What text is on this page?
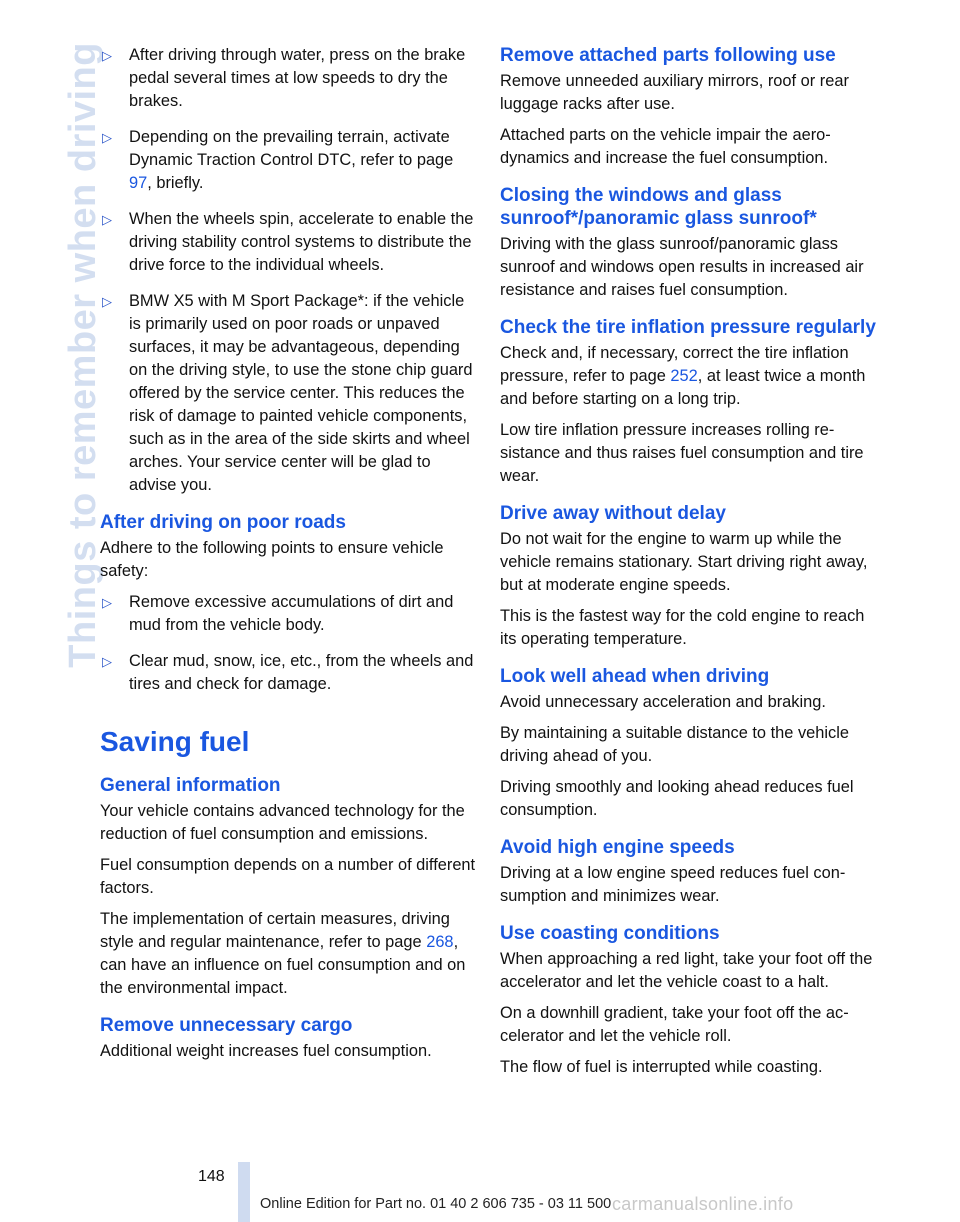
Things to remember when driving
▷ After driving through water, press on the brake pedal several times at low speeds to dry the brakes.
▷ Depending on the prevailing terrain, activate Dynamic Traction Control DTC, refer to page 97, briefly.
▷ When the wheels spin, accelerate to enable the driving stability control systems to distribute the drive force to the individual wheels.
▷ BMW X5 with M Sport Package*: if the vehicle is primarily used on poor roads or unpaved surfaces, it may be advantageous, depending on the driving style, to use the stone chip guard offered by the service center. This reduces the risk of damage to painted vehicle components, such as in the area of the side skirts and wheel arches. Your service center will be glad to advise you.
After driving on poor roads

Adhere to the following points to ensure vehicle safety:

▷ Remove excessive accumulations of dirt and mud from the vehicle body.
▷ Clear mud, snow, ice, etc., from the wheels and tires and check for damage.
Saving fuel
General information

Your vehicle contains advanced technology for the reduction of fuel consumption and emissions.

Fuel consumption depends on a number of different factors.

The implementation of certain measures, driving style and regular maintenance, refer to page 268, can have an influence on fuel consumption and on the environmental impact.

Remove unnecessary cargo

Additional weight increases fuel consumption.

Remove attached parts following use

Remove unneeded auxiliary mirrors, roof or rear luggage racks after use.

Attached parts on the vehicle impair the aerodynamics and increase the fuel consumption.

Closing the windows and glass sunroof*/panoramic glass sunroof*

Driving with the glass sunroof/panoramic glass sunroof and windows open results in increased air resistance and raises fuel consumption.

Check the tire inflation pressure regularly

Check and, if necessary, correct the tire inflation pressure, refer to page 252, at least twice a month and before starting on a long trip.

Low tire inflation pressure increases rolling resistance and thus raises fuel consumption and tire wear.

Drive away without delay

Do not wait for the engine to warm up while the vehicle remains stationary. Start driving right away, but at moderate engine speeds.

This is the fastest way for the cold engine to reach its operating temperature.

Look well ahead when driving

Avoid unnecessary acceleration and braking.

By maintaining a suitable distance to the vehicle driving ahead of you.

Driving smoothly and looking ahead reduces fuel consumption.

Avoid high engine speeds

Driving at a low engine speed reduces fuel consumption and minimizes wear.

Use coasting conditions

When approaching a red light, take your foot off the accelerator and let the vehicle coast to a halt.

On a downhill gradient, take your foot off the accelerator and let the vehicle roll.

The flow of fuel is interrupted while coasting.

148
Online Edition for Part no. 01 40 2 606 735 - 03 11 500 carmanualsonline.info
